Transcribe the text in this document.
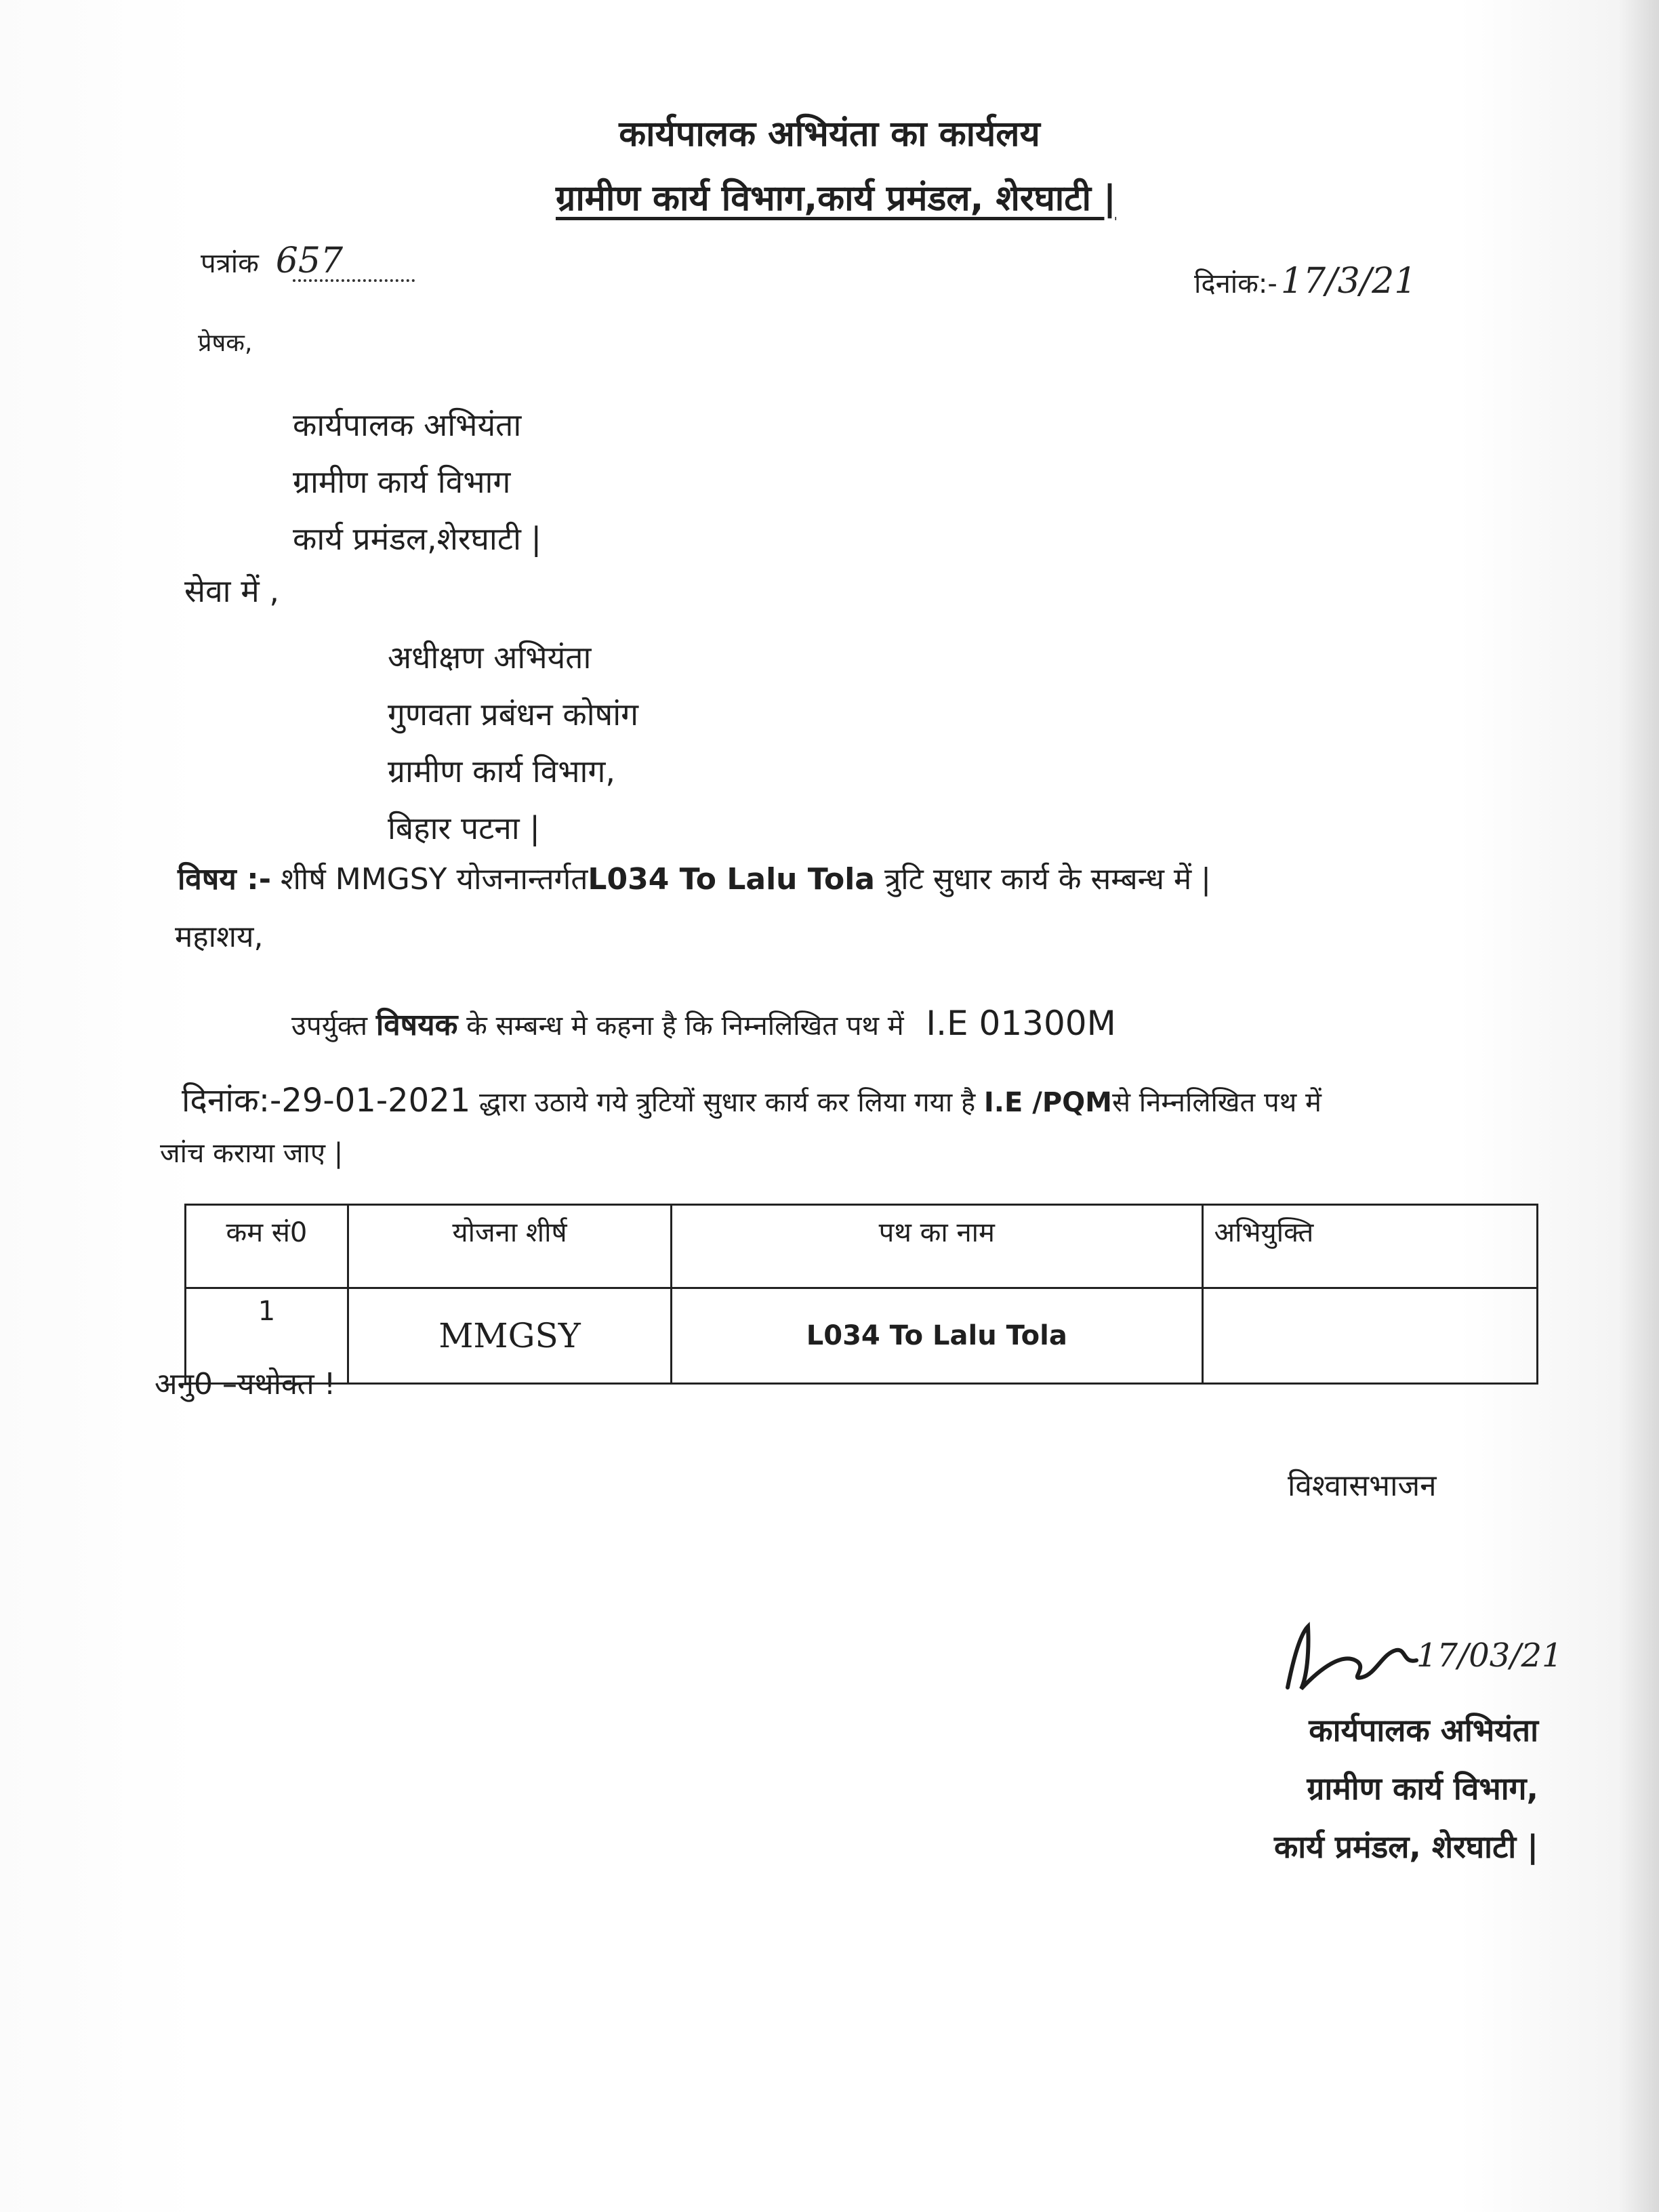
कार्यपालक अभियंता का कार्यलय
ग्रामीण कार्य विभाग,कार्य प्रमंडल, शेरघाटी |
पत्रांक 657
दिनांक:- 17/3/21
प्रेषक,
कार्यपालक अभियंता
ग्रामीण कार्य विभाग
कार्य प्रमंडल,शेरघाटी |
सेवा में ,
अधीक्षण अभियंता
गुणवता प्रबंधन कोषांग
ग्रामीण कार्य विभाग,
बिहार पटना |
विषय :- शीर्ष MMGSY योजनान्तर्गतL034 To Lalu Tola त्रुटि सुधार कार्य के सम्बन्ध में |
महाशय,
उपर्युक्त विषयक के सम्बन्ध मे कहना है कि निम्नलिखित पथ में I.E 01300M
दिनांक:-29-01-2021 द्धारा उठाये गये त्रुटियों सुधार कार्य कर लिया गया है I.E /PQMसे निम्नलिखित पथ में
जांच कराया जाए |
कम सं0	योजना शीर्ष	पथ का नाम	अभियुक्ति
1	MMGSY	L034 To Lalu Tola	
अनु0 –यथोक्त !
विश्वासभाजन
17/03/21
कार्यपालक अभियंता
ग्रामीण कार्य विभाग,
कार्य प्रमंडल, शेरघाटी |
